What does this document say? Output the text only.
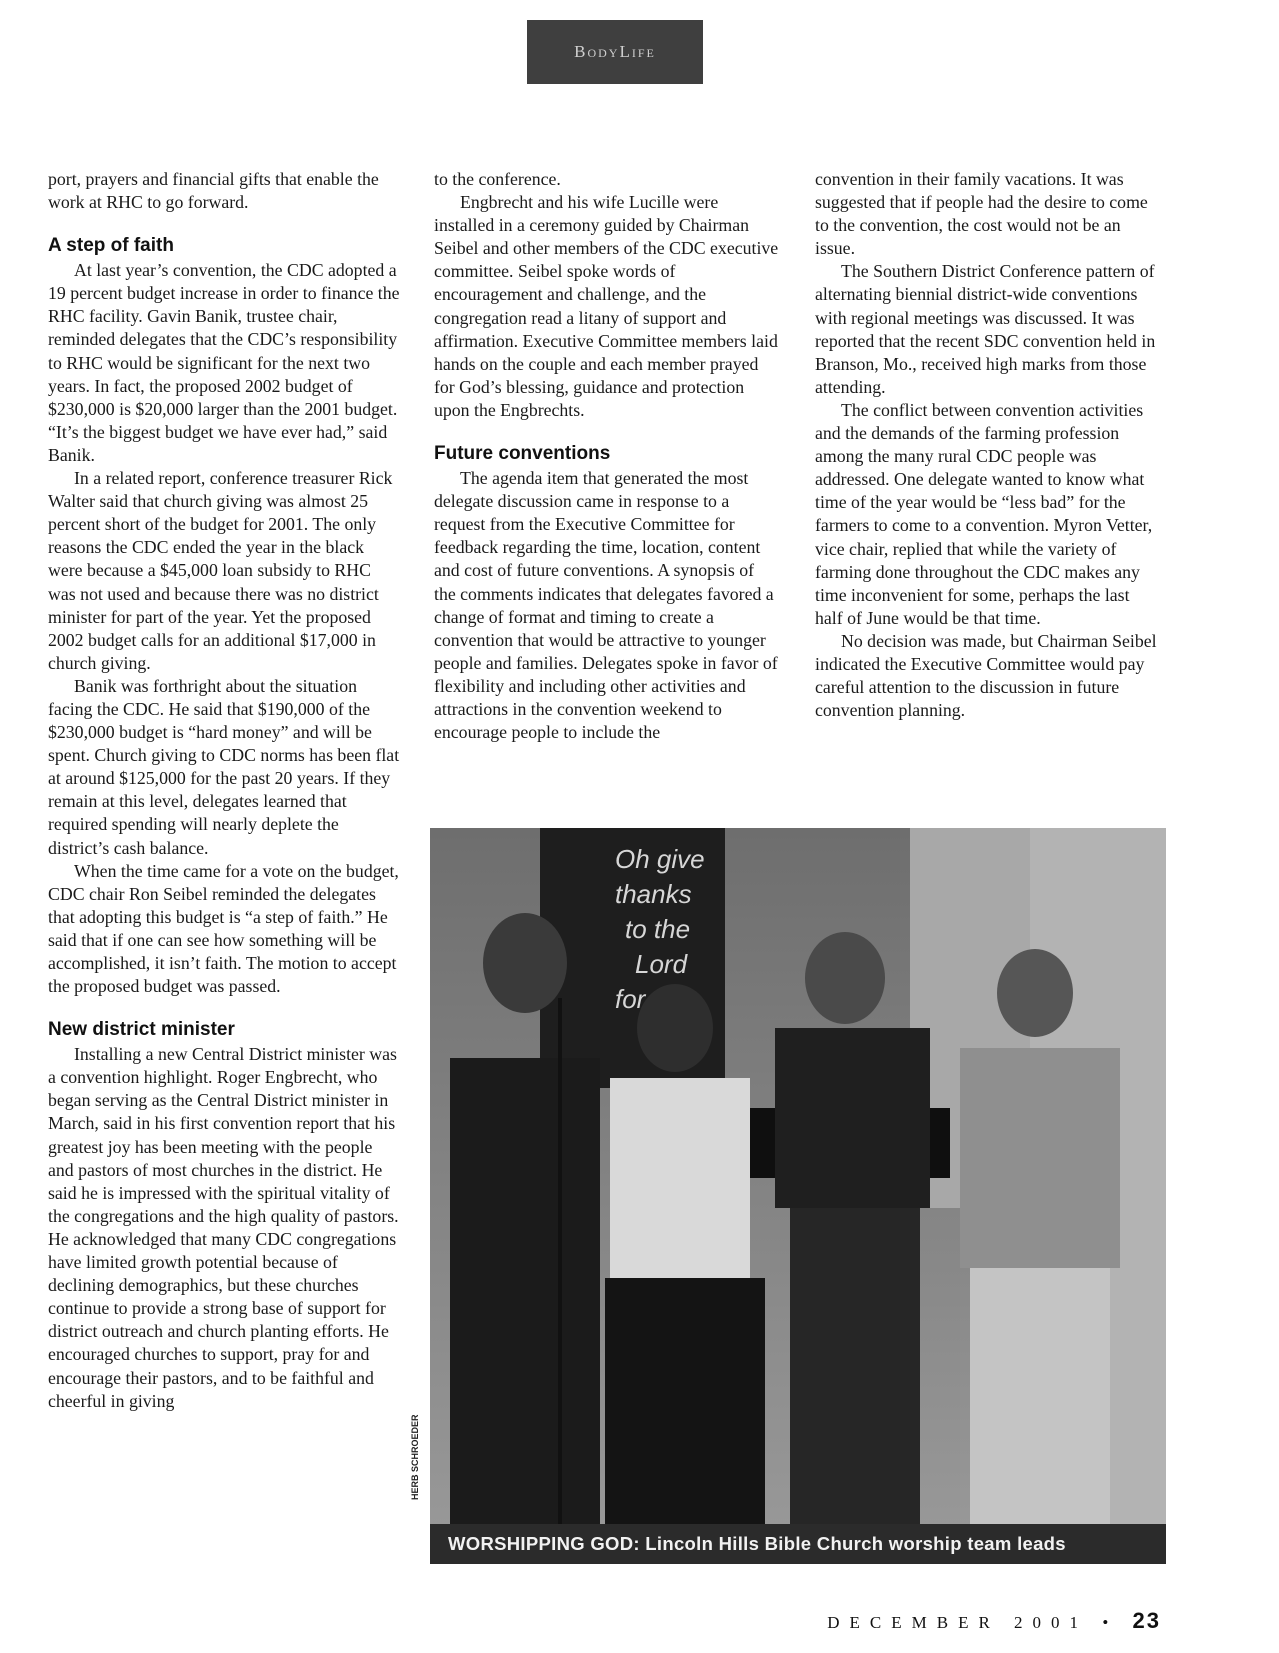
BodyLife

port, prayers and financial gifts that enable the work at RHC to go forward.

A step of faith

At last year’s convention, the CDC adopted a 19 percent budget increase in order to finance the RHC facility. Gavin Banik, trustee chair, reminded delegates that the CDC’s responsibility to RHC would be significant for the next two years. In fact, the proposed 2002 budget of $230,000 is $20,000 larger than the 2001 budget. “It’s the biggest budget we have ever had,” said Banik.

In a related report, conference treasurer Rick Walter said that church giving was almost 25 percent short of the budget for 2001. The only reasons the CDC ended the year in the black were because a $45,000 loan subsidy to RHC was not used and because there was no district minister for part of the year. Yet the proposed 2002 budget calls for an additional $17,000 in church giving.

Banik was forthright about the situation facing the CDC. He said that $190,000 of the $230,000 budget is “hard money” and will be spent. Church giving to CDC norms has been flat at around $125,000 for the past 20 years. If they remain at this level, delegates learned that required spending will nearly deplete the district’s cash balance.

When the time came for a vote on the budget, CDC chair Ron Seibel reminded the delegates that adopting this budget is “a step of faith.” He said that if one can see how something will be accomplished, it isn’t faith. The motion to accept the proposed budget was passed.

New district minister

Installing a new Central District minister was a convention highlight. Roger Engbrecht, who began serving as the Central District minister in March, said in his first convention report that his greatest joy has been meeting with the people and pastors of most churches in the district. He said he is impressed with the spiritual vitality of the congregations and the high quality of pastors. He acknowledged that many CDC congregations have limited growth potential because of declining demographics, but these churches continue to provide a strong base of support for district outreach and church planting efforts. He encouraged churches to support, pray for and encourage their pastors, and to be faithful and cheerful in giving

to the conference.

Engbrecht and his wife Lucille were installed in a ceremony guided by Chairman Seibel and other members of the CDC executive committee. Seibel spoke words of encouragement and challenge, and the congregation read a litany of support and affirmation. Executive Committee members laid hands on the couple and each member prayed for God’s blessing, guidance and protection upon the Engbrechts.

Future conventions

The agenda item that generated the most delegate discussion came in response to a request from the Executive Committee for feedback regarding the time, location, content and cost of future conventions. A synopsis of the comments indicates that delegates favored a change of format and timing to create a convention that would be attractive to younger people and families. Delegates spoke in favor of flexibility and including other activities and attractions in the convention weekend to encourage people to include the

convention in their family vacations. It was suggested that if people had the desire to come to the convention, the cost would not be an issue.

The Southern District Conference pattern of alternating biennial district-wide conventions with regional meetings was discussed. It was reported that the recent SDC convention held in Branson, Mo., received high marks from those attending.

The conflict between convention activities and the demands of the farming profession among the many rural CDC people was addressed. One delegate wanted to know what time of the year would be “less bad” for the farmers to come to a convention. Myron Vetter, vice chair, replied that while the variety of farming done throughout the CDC makes any time inconvenient for some, perhaps the last half of June would be that time.

No decision was made, but Chairman Seibel indicated the Executive Committee would pay careful attention to the discussion in future convention planning.

Oh give
thanks
to the
Lord
for
WORSHIPPING GOD: Lincoln Hills Bible Church worship team leads
HERB SCHROEDER
DECEMBER 2001 • 23
